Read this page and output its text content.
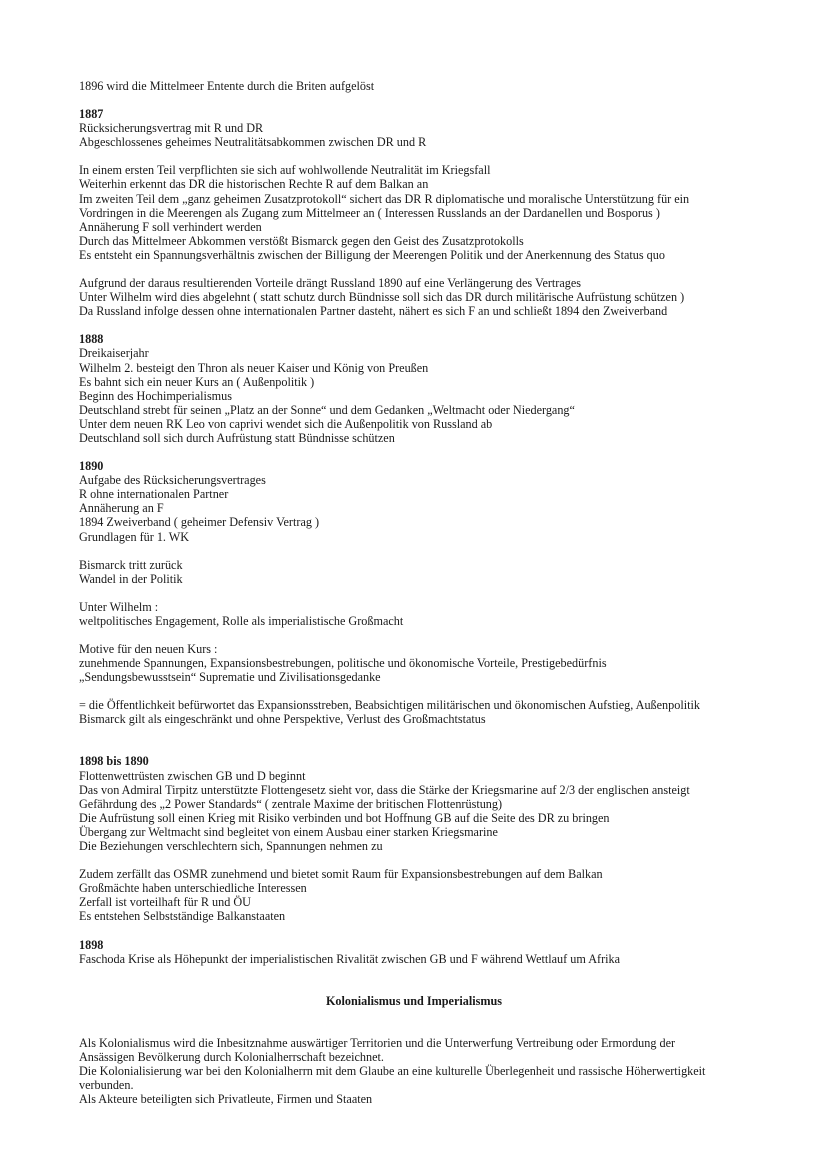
1896 wird die Mittelmeer Entente durch die Briten aufgelöst
1887
Rücksicherungsvertrag mit R und DR
Abgeschlossenes geheimes Neutralitätsabkommen zwischen DR und R
In einem ersten Teil verpflichten sie sich auf wohlwollende Neutralität im Kriegsfall
Weiterhin erkennt das DR die historischen Rechte R auf dem Balkan an
Im zweiten Teil dem „ganz geheimen Zusatzprotokoll“ sichert das DR R diplomatische und moralische Unterstützung für ein
Vordringen in die Meerengen als Zugang zum Mittelmeer an ( Interessen Russlands an der Dardanellen und Bosporus )
Annäherung F soll verhindert werden
Durch das Mittelmeer Abkommen verstößt Bismarck gegen den Geist des Zusatzprotokolls
Es entsteht ein Spannungsverhältnis zwischen der Billigung der Meerengen Politik und der Anerkennung des Status quo
Aufgrund der daraus resultierenden Vorteile drängt Russland 1890 auf eine Verlängerung des Vertrages
Unter Wilhelm wird dies abgelehnt ( statt schutz durch Bündnisse soll sich das DR durch militärische Aufrüstung schützen )
Da Russland infolge dessen ohne internationalen Partner dasteht, nähert es sich F an und schließt 1894 den Zweiverband
1888
Dreikaiserjahr
Wilhelm 2. besteigt den Thron als neuer Kaiser und König von Preußen
Es bahnt sich ein neuer Kurs an ( Außenpolitik )
Beginn des Hochimperialismus
Deutschland strebt für seinen „Platz an der Sonne“ und dem Gedanken „Weltmacht oder Niedergang“
Unter dem neuen RK Leo von caprivi wendet sich die Außenpolitik von Russland ab
Deutschland soll sich durch Aufrüstung statt Bündnisse schützen
1890
Aufgabe des Rücksicherungsvertrages
R ohne internationalen Partner
Annäherung an F
1894 Zweiverband ( geheimer Defensiv Vertrag )
Grundlagen für 1. WK
Bismarck tritt zurück
Wandel in der Politik
Unter Wilhelm :
weltpolitisches Engagement, Rolle als imperialistische Großmacht
Motive für den neuen Kurs :
zunehmende Spannungen, Expansionsbestrebungen, politische und ökonomische Vorteile, Prestigebedürfnis
„Sendungsbewusstsein“ Suprematie und Zivilisationsgedanke
= die Öffentlichkeit befürwortet das Expansionsstreben, Beabsichtigen militärischen und ökonomischen Aufstieg, Außenpolitik
Bismarck gilt als eingeschränkt und ohne Perspektive, Verlust des Großmachtstatus
1898 bis 1890
Flottenwettrüsten zwischen GB und D beginnt
Das von Admiral Tirpitz unterstützte Flottengesetz sieht vor, dass die Stärke der Kriegsmarine auf 2/3 der englischen ansteigt
Gefährdung des „2 Power Standards“ ( zentrale Maxime der britischen Flottenrüstung)
Die Aufrüstung soll einen Krieg mit Risiko verbinden und bot Hoffnung GB auf die Seite des DR zu bringen
Übergang zur Weltmacht sind begleitet von einem Ausbau einer starken Kriegsmarine
Die Beziehungen verschlechtern sich, Spannungen nehmen zu
Zudem zerfällt das OSMR zunehmend und bietet somit Raum für Expansionsbestrebungen auf dem Balkan
Großmächte haben unterschiedliche Interessen
Zerfall ist vorteilhaft für R und ÖU
Es entstehen Selbstständige Balkanstaaten
1898
Faschoda Krise als Höhepunkt der imperialistischen Rivalität zwischen GB und F während Wettlauf um Afrika
Kolonialismus und Imperialismus
Als Kolonialismus wird die Inbesitznahme auswärtiger Territorien und die Unterwerfung Vertreibung oder Ermordung der
Ansässigen Bevölkerung durch Kolonialherrschaft bezeichnet.
Die Kolonialisierung war bei den Kolonialherrn mit dem Glaube an eine kulturelle Überlegenheit und rassische Höherwertigkeit
verbunden.
Als Akteure beteiligten sich Privatleute, Firmen und Staaten
